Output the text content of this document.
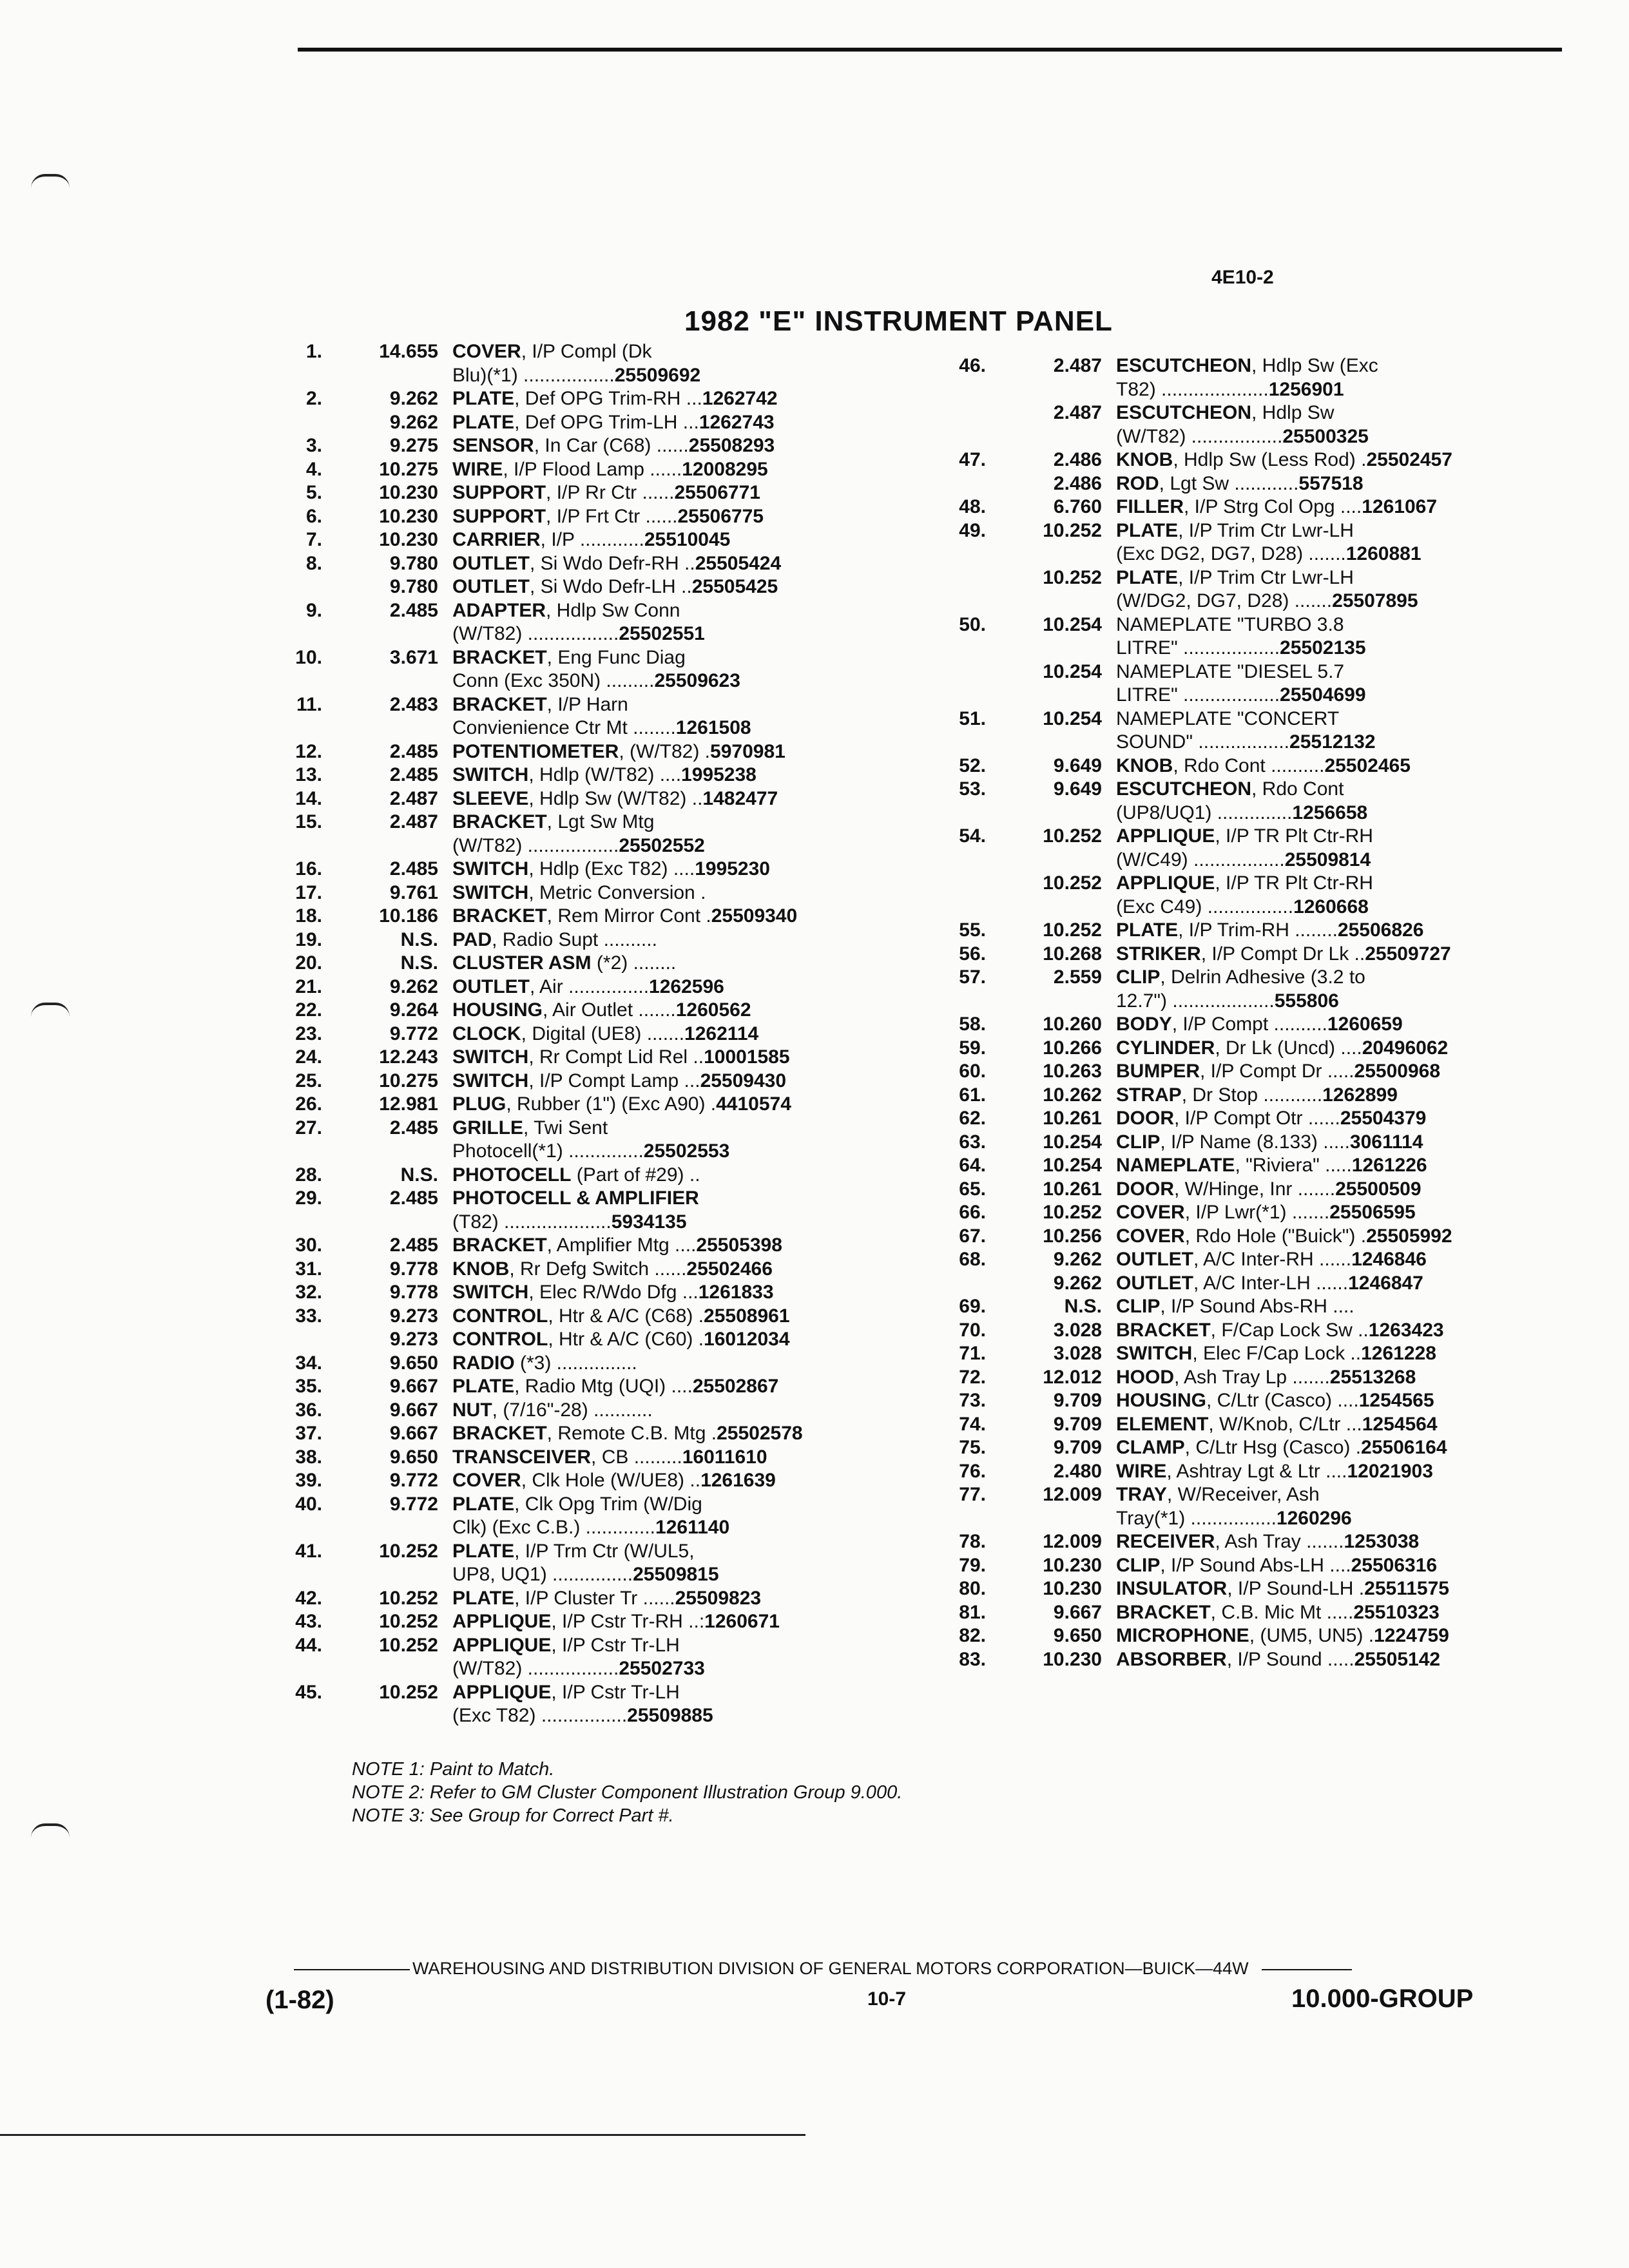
4E10-2
1982 "E" INSTRUMENT PANEL
1.	14.655 COVER, I/P Compl (Dk
Blu)(*1) ................. 25509692
2.	9.262 PLATE, Def OPG Trim-RH ... 1262742
9.262 PLATE, Def OPG Trim-LH ... 1262743
3.	9.275 SENSOR, In Car (C68) ...... 25508293
4.	10.275 WIRE, I/P Flood Lamp ...... 12008295
5.	10.230 SUPPORT, I/P Rr Ctr ...... 25506771
6.	10.230 SUPPORT, I/P Frt Ctr ...... 25506775
7.	10.230 CARRIER, I/P ............ 25510045
8.	9.780 OUTLET, Si Wdo Defr-RH .. 25505424
9.780 OUTLET, Si Wdo Defr-LH .. 25505425
9.	2.485 ADAPTER, Hdlp Sw Conn
(W/T82) ................. 25502551
10.	3.671 BRACKET, Eng Func Diag
Conn (Exc 350N) ......... 25509623
11.	2.483 BRACKET, I/P Harn
Convienience Ctr Mt ........ 1261508
12.	2.485 POTENTIOMETER, (W/T82) . 5970981
13.	2.485 SWITCH, Hdlp (W/T82) .... 1995238
14.	2.487 SLEEVE, Hdlp Sw (W/T82) .. 1482477
15.	2.487 BRACKET, Lgt Sw Mtg
(W/T82) ................. 25502552
16.	2.485 SWITCH, Hdlp (Exc T82) .... 1995230
17.	9.761 SWITCH, Metric Conversion .
18.	10.186 BRACKET, Rem Mirror Cont . 25509340
19.	N.S. PAD, Radio Supt ..........
20.	N.S. CLUSTER ASM (*2) ........
21.	9.262 OUTLET, Air ............... 1262596
22.	9.264 HOUSING, Air Outlet ....... 1260562
23.	9.772 CLOCK, Digital (UE8) ....... 1262114
24.	12.243 SWITCH, Rr Compt Lid Rel .. 10001585
25.	10.275 SWITCH, I/P Compt Lamp ... 25509430
26.	12.981 PLUG, Rubber (1") (Exc A90) . 4410574
27.	2.485 GRILLE, Twi Sent
Photocell(*1) .............. 25502553
28.	N.S. PHOTOCELL (Part of #29) ..
29.	2.485 PHOTOCELL & AMPLIFIER
(T82) .................... 5934135
30.	2.485 BRACKET, Amplifier Mtg .... 25505398
31.	9.778 KNOB, Rr Defg Switch ...... 25502466
32.	9.778 SWITCH, Elec R/Wdo Dfg ... 1261833
33.	9.273 CONTROL, Htr & A/C (C68) . 25508961
9.273 CONTROL, Htr & A/C (C60) . 16012034
34.	9.650 RADIO (*3) ...............
35.	9.667 PLATE, Radio Mtg (UQI) .... 25502867
36.	9.667 NUT, (7/16"-28) ...........
37.	9.667 BRACKET, Remote C.B. Mtg . 25502578
38.	9.650 TRANSCEIVER, CB ......... 16011610
39.	9.772 COVER, Clk Hole (W/UE8) .. 1261639
40.	9.772 PLATE, Clk Opg Trim (W/Dig
Clk) (Exc C.B.) ............. 1261140
41.	10.252 PLATE, I/P Trm Ctr (W/UL5,
UP8, UQ1) ............... 25509815
42.	10.252 PLATE, I/P Cluster Tr ...... 25509823
43.	10.252 APPLIQUE, I/P Cstr Tr-RH ..: 1260671
44.	10.252 APPLIQUE, I/P Cstr Tr-LH
(W/T82) ................. 25502733
45.	10.252 APPLIQUE, I/P Cstr Tr-LH
(Exc T82) ................ 25509885
46.	2.487 ESCUTCHEON, Hdlp Sw (Exc
T82) .................... 1256901
2.487 ESCUTCHEON, Hdlp Sw
(W/T82) ................. 25500325
47.	2.486 KNOB, Hdlp Sw (Less Rod) . 25502457
2.486 ROD, Lgt Sw ............ 557518
48.	6.760 FILLER, I/P Strg Col Opg .... 1261067
49.	10.252 PLATE, I/P Trim Ctr Lwr-LH
(Exc DG2, DG7, D28) ....... 1260881
10.252 PLATE, I/P Trim Ctr Lwr-LH
(W/DG2, DG7, D28) ....... 25507895
50.	10.254 NAMEPLATE "TURBO 3.8
LITRE" .................. 25502135
10.254 NAMEPLATE "DIESEL 5.7
LITRE" .................. 25504699
51.	10.254 NAMEPLATE "CONCERT
SOUND" ................. 25512132
52.	9.649 KNOB, Rdo Cont .......... 25502465
53.	9.649 ESCUTCHEON, Rdo Cont
(UP8/UQ1) .............. 1256658
54.	10.252 APPLIQUE, I/P TR Plt Ctr-RH
(W/C49) ................. 25509814
10.252 APPLIQUE, I/P TR Plt Ctr-RH
(Exc C49) ................ 1260668
55.	10.252 PLATE, I/P Trim-RH ........ 25506826
56.	10.268 STRIKER, I/P Compt Dr Lk .. 25509727
57.	2.559 CLIP, Delrin Adhesive (3.2 to
12.7") ................... 555806
58.	10.260 BODY, I/P Compt .......... 1260659
59.	10.266 CYLINDER, Dr Lk (Uncd) .... 20496062
60.	10.263 BUMPER, I/P Compt Dr ..... 25500968
61.	10.262 STRAP, Dr Stop ........... 1262899
62.	10.261 DOOR, I/P Compt Otr ...... 25504379
63.	10.254 CLIP, I/P Name (8.133) ..... 3061114
64.	10.254 NAMEPLATE, "Riviera" ..... 1261226
65.	10.261 DOOR, W/Hinge, Inr ....... 25500509
66.	10.252 COVER, I/P Lwr(*1) ....... 25506595
67.	10.256 COVER, Rdo Hole ("Buick") . 25505992
68.	9.262 OUTLET, A/C Inter-RH ...... 1246846
9.262 OUTLET, A/C Inter-LH ...... 1246847
69.	N.S. CLIP, I/P Sound Abs-RH ....
70.	3.028 BRACKET, F/Cap Lock Sw .. 1263423
71.	3.028 SWITCH, Elec F/Cap Lock .. 1261228
72.	12.012 HOOD, Ash Tray Lp ....... 25513268
73.	9.709 HOUSING, C/Ltr (Casco) .... 1254565
74.	9.709 ELEMENT, W/Knob, C/Ltr ... 1254564
75.	9.709 CLAMP, C/Ltr Hsg (Casco) . 25506164
76.	2.480 WIRE, Ashtray Lgt & Ltr .... 12021903
77.	12.009 TRAY, W/Receiver, Ash
Tray(*1) ................ 1260296
78.	12.009 RECEIVER, Ash Tray ....... 1253038
79.	10.230 CLIP, I/P Sound Abs-LH .... 25506316
80.	10.230 INSULATOR, I/P Sound-LH . 25511575
81.	9.667 BRACKET, C.B. Mic Mt ..... 25510323
82.	9.650 MICROPHONE, (UM5, UN5) . 1224759
83.	10.230 ABSORBER, I/P Sound ..... 25505142
NOTE 1: Paint to Match.
NOTE 2: Refer to GM Cluster Component Illustration Group 9.000.
NOTE 3: See Group for Correct Part #.
WAREHOUSING AND DISTRIBUTION DIVISION OF GENERAL MOTORS CORPORATION—BUICK—44W
(1-82)	10-7	10.000-GROUP
